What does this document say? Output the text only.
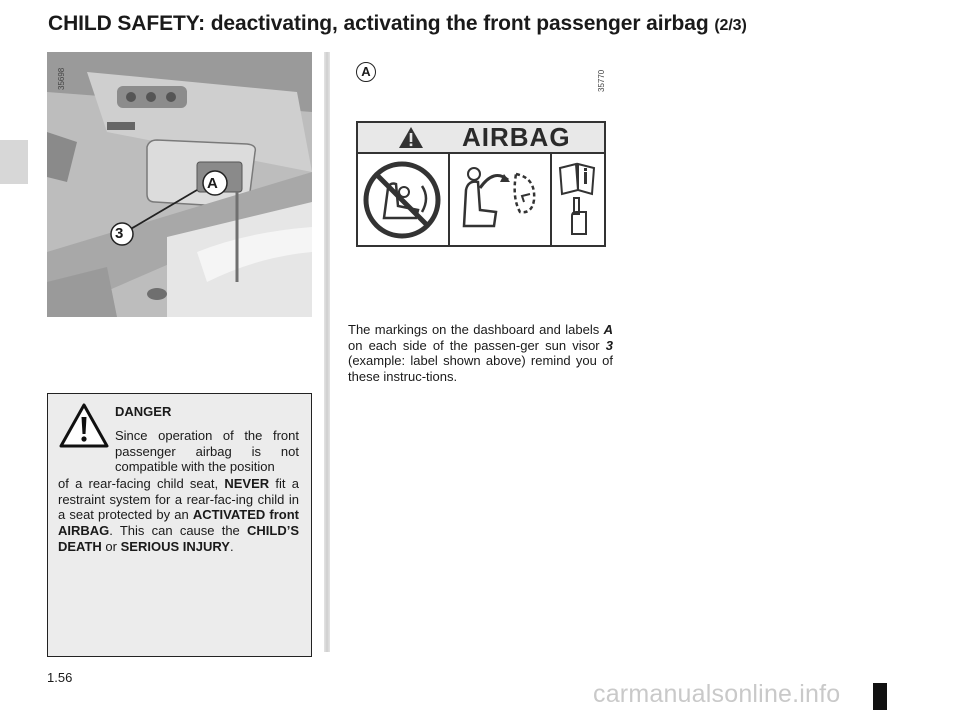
CHILD SAFETY: deactivating, activating the front passenger airbag (2/3)
A
3
35698	A	35770
AIRBAG

The markings on the dashboard and labels A on each side of the passen-ger sun visor 3 (example: label shown above) remind you of these instruc-tions.

DANGER

Since operation of the front passenger airbag is not compatible with the position

of a rear-facing child seat, NEVER fit a restraint system for a rear-fac-ing child in a seat protected by an ACTIVATED front AIRBAG. This can cause the CHILD’S DEATH or SERIOUS INJURY.

1.56
carmanualsonline.info
